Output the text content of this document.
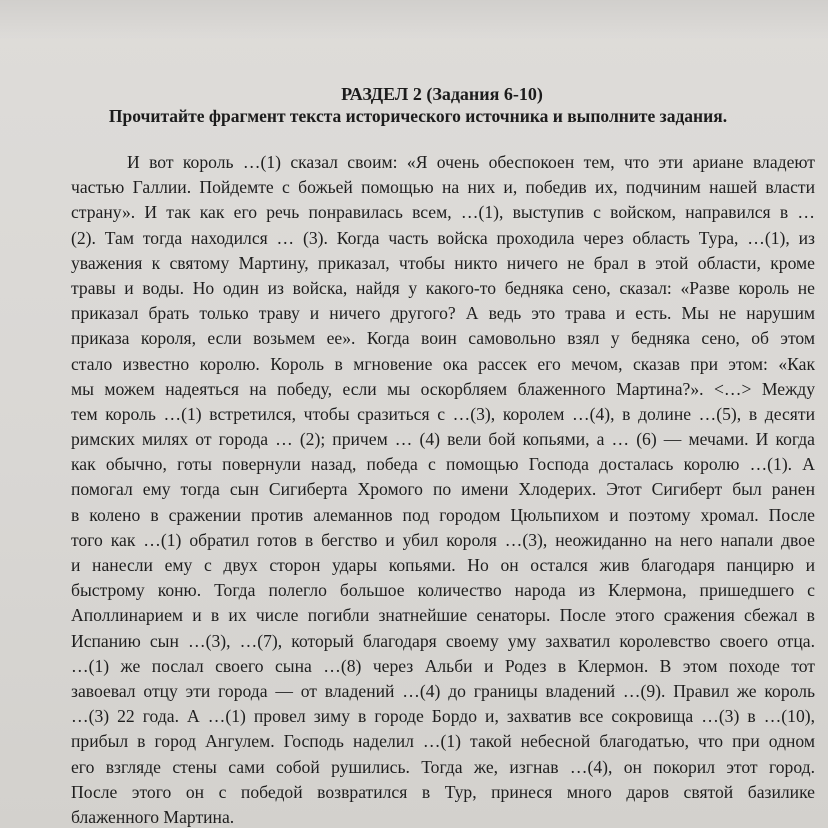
РАЗДЕЛ 2 (Задания 6-10)
Прочитайте фрагмент текста исторического источника и выполните задания.
И вот король …(1) сказал своим: «Я очень обеспокоен тем, что эти ариане владеют
частью Галлии. Пойдемте с божьей помощью на них и, победив их, подчиним нашей власти
страну». И так как его речь понравилась всем, …(1), выступив с войском, направился в …
(2). Там тогда находился … (3). Когда часть войска проходила через область Тура, …(1), из
уважения к святому Мартину, приказал, чтобы никто ничего не брал в этой области, кроме
травы и воды. Но один из войска, найдя у какого-то бедняка сено, сказал: «Разве король не
приказал брать только траву и ничего другого? А ведь это трава и есть. Мы не нарушим
приказа короля, если возьмем ее». Когда воин самовольно взял у бедняка сено, об этом
стало известно королю. Король в мгновение ока рассек его мечом, сказав при этом: «Как
мы можем надеяться на победу, если мы оскорбляем блаженного Мартина?». <…> Между
тем король …(1) встретился, чтобы сразиться с …(3), королем …(4), в долине …(5), в десяти
римских милях от города … (2); причем … (4) вели бой копьями, а … (6) — мечами. И когда
как обычно, готы повернули назад, победа с помощью Господа досталась королю …(1). А
помогал ему тогда сын Сигиберта Хромого по имени Хлодерих. Этот Сигиберт был ранен
в колено в сражении против алеманнов под городом Цюльпихом и поэтому хромал. После
того как …(1) обратил готов в бегство и убил короля …(3), неожиданно на него напали двое
и нанесли ему с двух сторон удары копьями. Но он остался жив благодаря панцирю и
быстрому коню. Тогда полегло большое количество народа из Клермона, пришедшего с
Аполлинарием и в их числе погибли знатнейшие сенаторы. После этого сражения сбежал в
Испанию сын …(3), …(7), который благодаря своему уму захватил королевство своего отца.
…(1) же послал своего сына …(8) через Альби и Родез в Клермон. В этом походе тот
завоевал отцу эти города — от владений …(4) до границы владений …(9). Правил же король
…(3) 22 года. А …(1) провел зиму в городе Бордо и, захватив все сокровища …(3) в …(10),
прибыл в город Ангулем. Господь наделил …(1) такой небесной благодатью, что при одном
его взгляде стены сами собой рушились. Тогда же, изгнав …(4), он покорил этот город.
После этого он с победой возвратился в Тур, принеся много даров святой базилике
блаженного Мартина.
